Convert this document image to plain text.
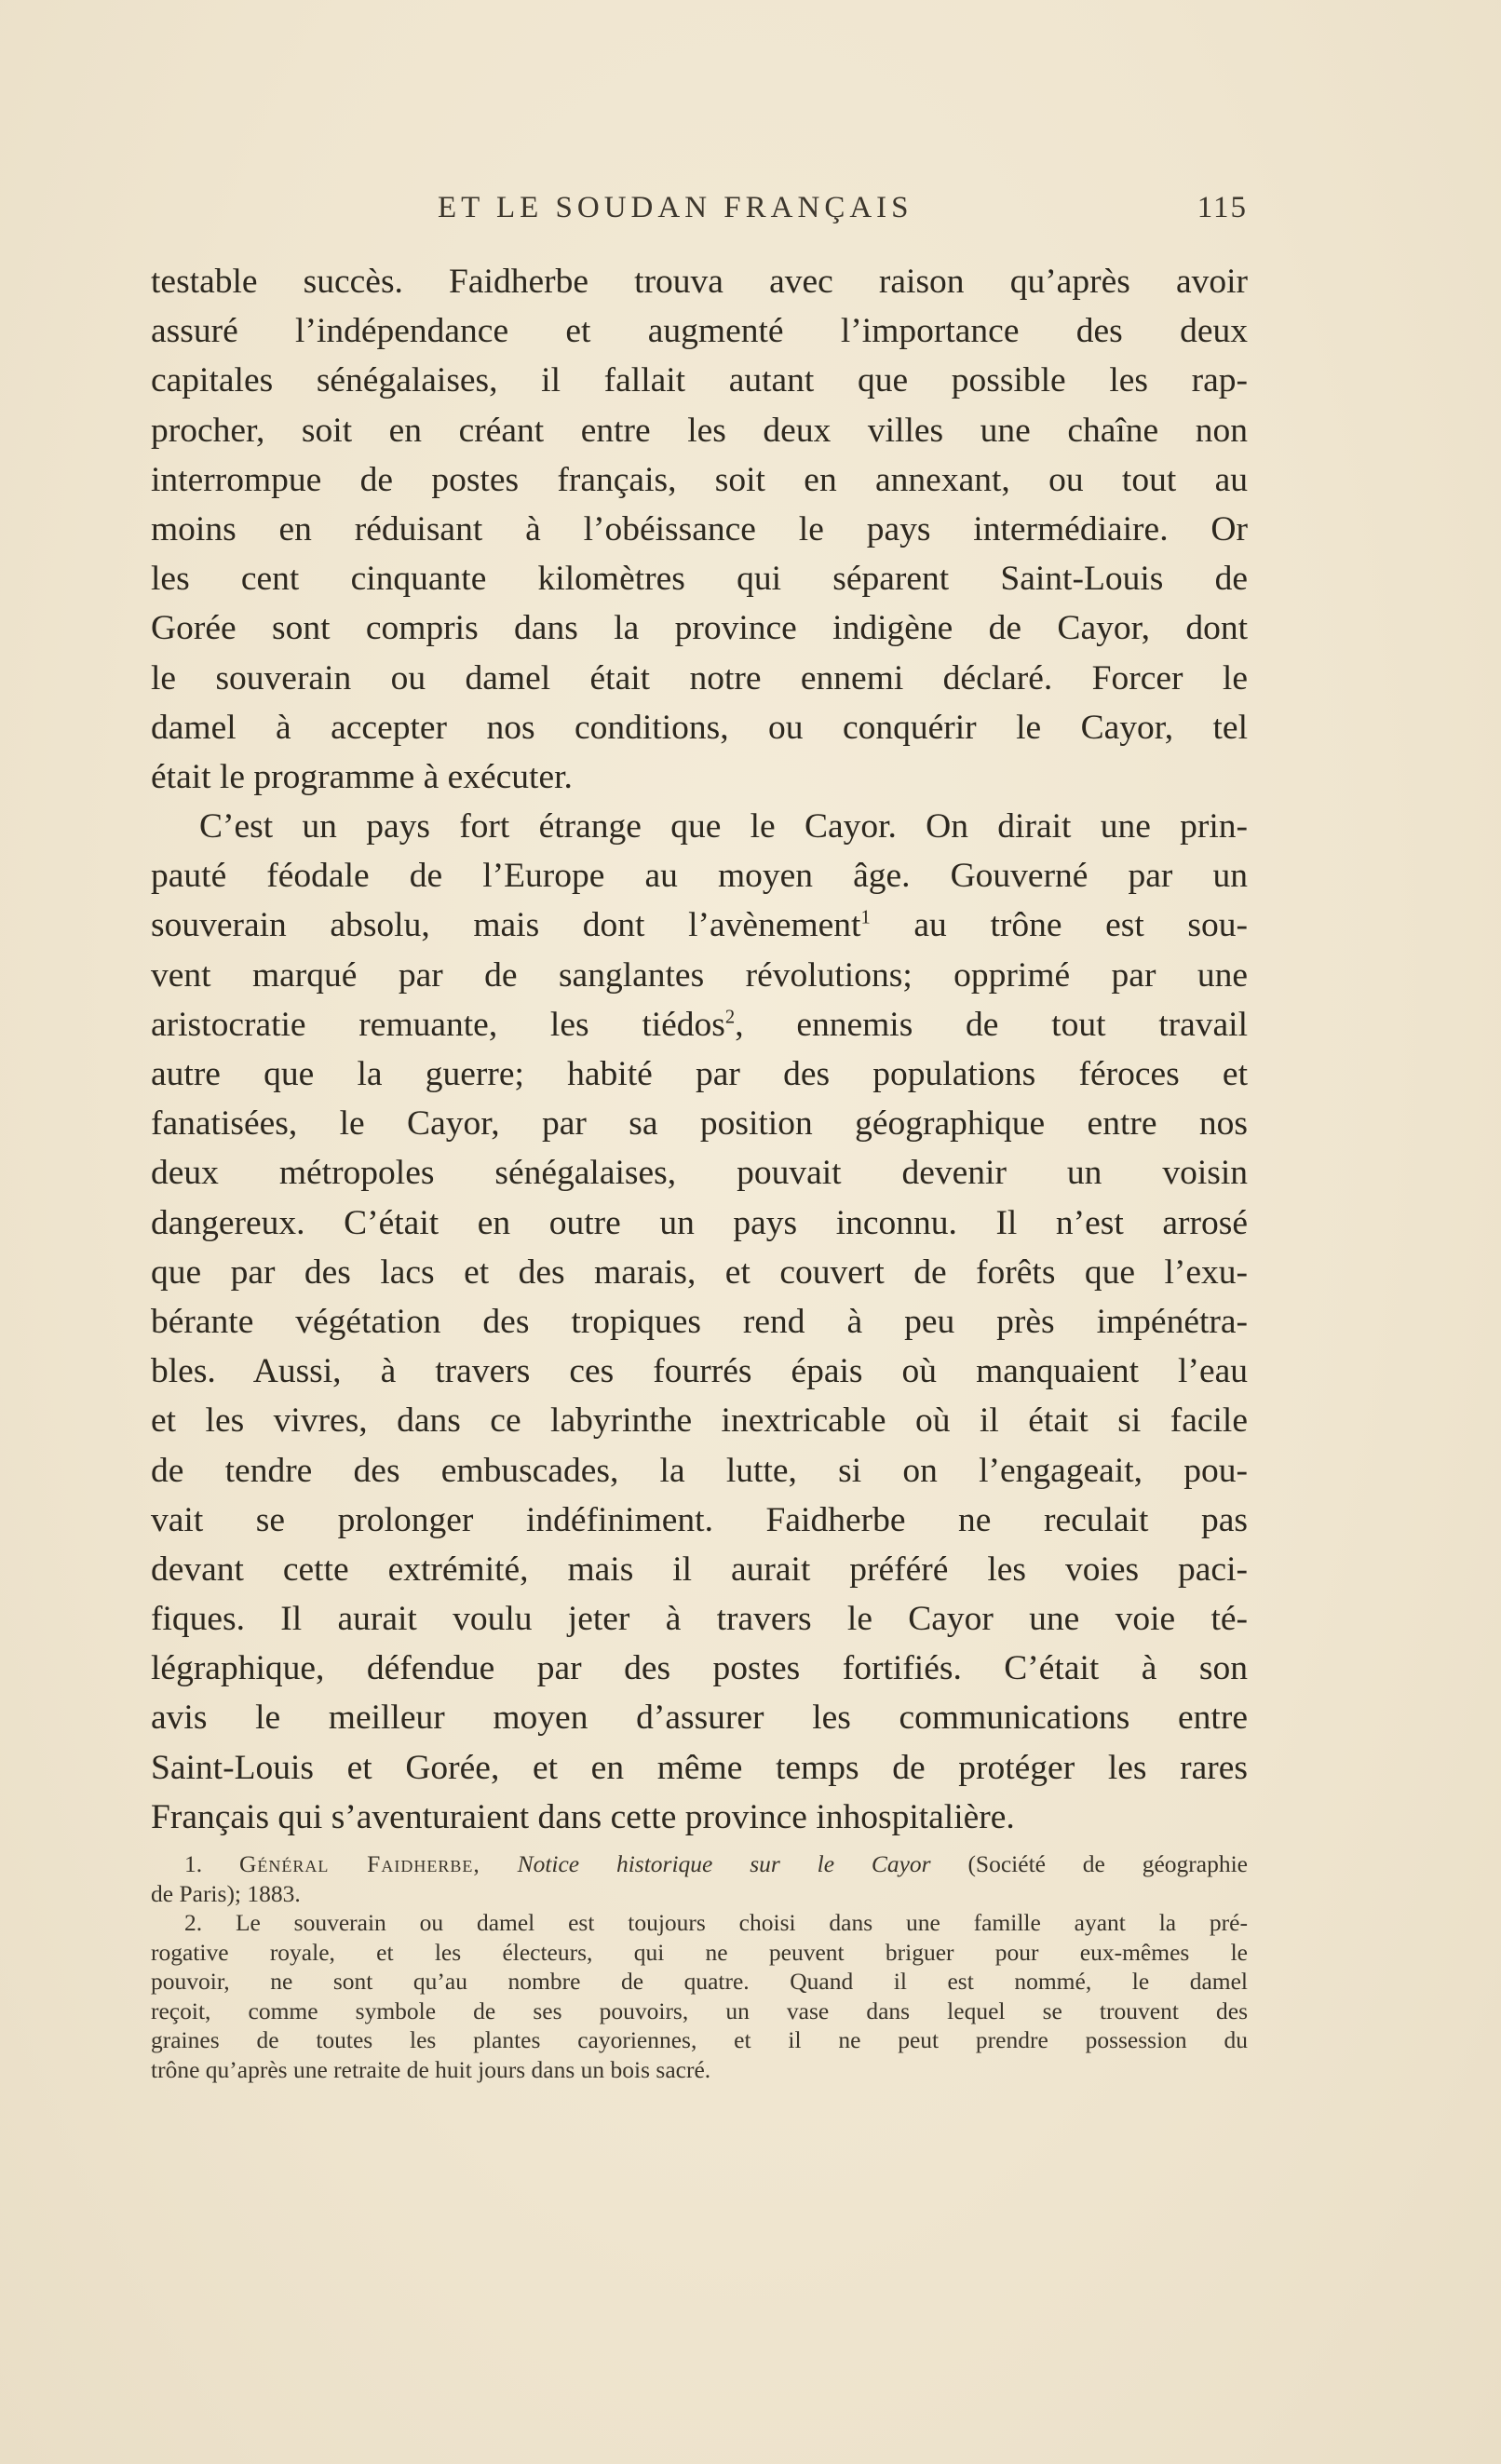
ET LE SOUDAN FRANÇAIS	115
testable succès. Faidherbe trouva avec raison qu’après avoir
assuré l’indépendance et augmenté l’importance des deux
capitales sénégalaises, il fallait autant que possible les rap-
procher, soit en créant entre les deux villes une chaîne non
interrompue de postes français, soit en annexant, ou tout au
moins en réduisant à l’obéissance le pays intermédiaire. Or
les cent cinquante kilomètres qui séparent Saint-Louis de
Gorée sont compris dans la province indigène de Cayor, dont
le souverain ou damel était notre ennemi déclaré. Forcer le
damel à accepter nos conditions, ou conquérir le Cayor, tel
était le programme à exécuter.
C’est un pays fort étrange que le Cayor. On dirait une prin-
pauté féodale de l’Europe au moyen âge. Gouverné par un
souverain absolu, mais dont l’avènement$^1$ au trône est sou-
vent marqué par de sanglantes révolutions; opprimé par une
aristocratie remuante, les tiédos$^2$, ennemis de tout travail
autre que la guerre; habité par des populations féroces et
fanatisées, le Cayor, par sa position géographique entre nos
deux métropoles sénégalaises, pouvait devenir un voisin
dangereux. C’était en outre un pays inconnu. Il n’est arrosé
que par des lacs et des marais, et couvert de forêts que l’exu-
bérante végétation des tropiques rend à peu près impénétra-
bles. Aussi, à travers ces fourrés épais où manquaient l’eau
et les vivres, dans ce labyrinthe inextricable où il était si facile
de tendre des embuscades, la lutte, si on l’engageait, pou-
vait se prolonger indéfiniment. Faidherbe ne reculait pas
devant cette extrémité, mais il aurait préféré les voies paci-
fiques. Il aurait voulu jeter à travers le Cayor une voie té-
légraphique, défendue par des postes fortifiés. C’était à son
avis le meilleur moyen d’assurer les communications entre
Saint-Louis et Gorée, et en même temps de protéger les rares
Français qui s’aventuraient dans cette province inhospitalière.
1. Général Faidherbe, Notice historique sur le Cayor (Société de géographie
de Paris); 1883.
2. Le souverain ou damel est toujours choisi dans une famille ayant la pré-
rogative royale, et les électeurs, qui ne peuvent briguer pour eux-mêmes le
pouvoir, ne sont qu’au nombre de quatre. Quand il est nommé, le damel
reçoit, comme symbole de ses pouvoirs, un vase dans lequel se trouvent des
graines de toutes les plantes cayoriennes, et il ne peut prendre possession du
trône qu’après une retraite de huit jours dans un bois sacré.
